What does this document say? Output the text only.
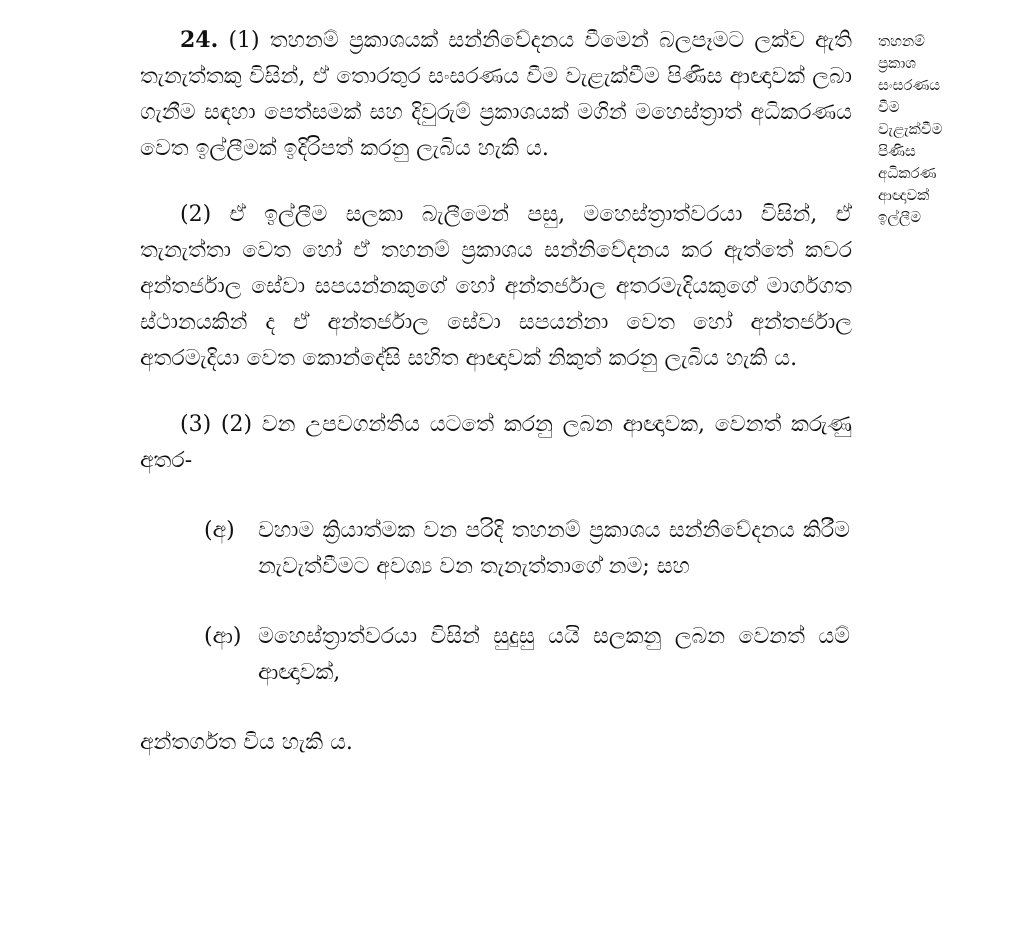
24. (1) තහනම් ප්‍රකාශයක් සන්නිවේදනය වීමෙන් බලපෑමට ලක්ව ඇති තැනැත්තකු විසින්, ඒ තොරතුර සංසරණය වීම වැළැක්වීම පිණිස ආඥාවක් ලබා ගැනීම සඳහා පෙත්සමක් සහ දිවුරුම් ප්‍රකාශයක් මගින් මහෙස්ත්‍රාත් අධිකරණය වෙත ඉල්ලීමක් ඉදිරිපත් කරනු ලැබිය හැකි ය.

(2) ඒ ඉල්ලීම සලකා බැලීමෙන් පසු, මහෙස්ත්‍රාත්වරයා විසින්, ඒ තැනැත්තා වෙත හෝ ඒ තහනම් ප්‍රකාශය සන්නිවේදනය කර ඇත්තේ කවර අන්තර්ජාල සේවා සපයන්නකුගේ හෝ අන්තර්ජාල අතරමැදියකුගේ මාර්ගගත ස්ථානයකින් ද ඒ අන්තර්ජාල සේවා සපයන්නා වෙත හෝ අන්තර්ජාල අතරමැදියා වෙත කොන්දේසි සහිත ආඥාවක් නිකුත් කරනු ලැබිය හැකි ය.

(3) (2) වන උපවගන්තිය යටතේ කරනු ලබන ආඥාවක, වෙනත් කරුණු අතර-

(අ) වහාම ක්‍රියාත්මක වන පරිදි තහනම් ප්‍රකාශය සන්නිවේදනය කිරීම නැවැත්වීමට අවශ්‍ය වන තැනැත්තාගේ නම; සහ
(ආ) මහෙස්ත්‍රාත්වරයා විසින් සුදුසු යයි සලකනු ලබන වෙනත් යම් ආඥාවක්,

අන්තර්ගත විය හැකි ය.

තහනම්
ප්‍රකාශ
සංසරණය
වීම
වැළැක්වීම
පිණිස
අධිකරණ
ආඥාවක්
ඉල්ලීම
